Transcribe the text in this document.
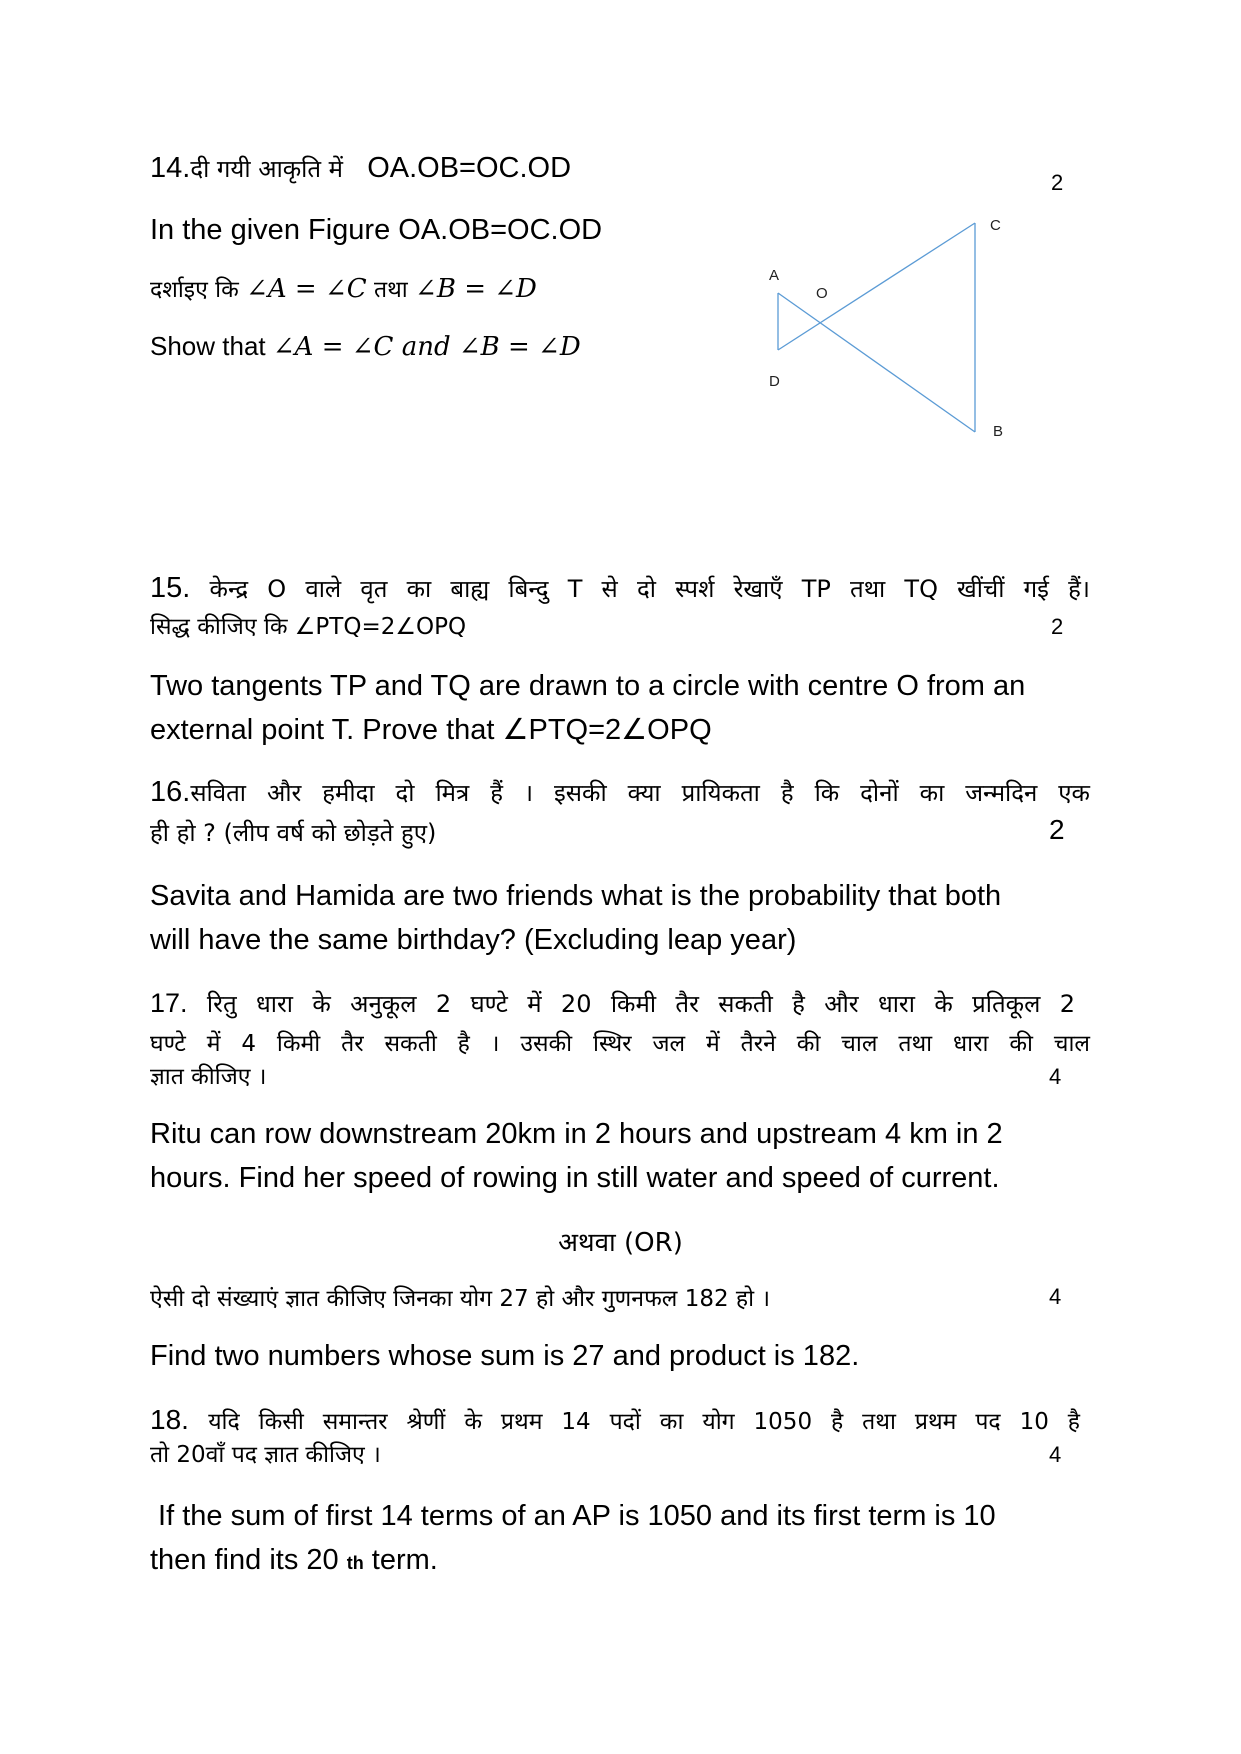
14.दी गयी आकृति में OA.OB=OC.OD	2
In the given Figure OA.OB=OC.OD
दर्शाइए कि ∠A = ∠C तथा ∠B = ∠D
Show that ∠A = ∠C and ∠B = ∠D
A
O
C
D
B
15. केन्द्र O वाले वृत का बाह्य बिन्दु T से दो स्पर्श रेखाएँ TP तथा TQ खींचीं गई हैं।
सिद्ध कीजिए कि ∠PTQ=2∠OPQ	2
Two tangents TP and TQ are drawn to a circle with centre O from an
external point T. Prove that ∠PTQ=2∠OPQ
16.सविता और हमीदा दो मित्र हैं । इसकी क्या प्रायिकता है कि दोनों का जन्मदिन एक
ही हो ? (लीप वर्ष को छोड़ते हुए)	2
Savita and Hamida are two friends what is the probability that both
will have the same birthday? (Excluding leap year)
17. रितु धारा के अनुकूल 2 घण्टे में 20 किमी तैर सकती है और धारा के प्रतिकूल 2
घण्टे में 4 किमी तैर सकती है । उसकी स्थिर जल में तैरने की चाल तथा धारा की चाल
ज्ञात कीजिए ।	4
Ritu can row downstream 20km in 2 hours and upstream 4 km in 2
hours. Find her speed of rowing in still water and speed of current.
अथवा (OR)
ऐसी दो संख्याएं ज्ञात कीजिए जिनका योग 27 हो और गुणनफल 182 हो ।	4
Find two numbers whose sum is 27 and product is 182.
18. यदि किसी समान्तर श्रेणीं के प्रथम 14 पदों का योग 1050 है तथा प्रथम पद 10 है
तो 20वाँ पद ज्ञात कीजिए ।	4
If the sum of first 14 terms of an AP is 1050 and its first term is 10
then find its 20 th term.
